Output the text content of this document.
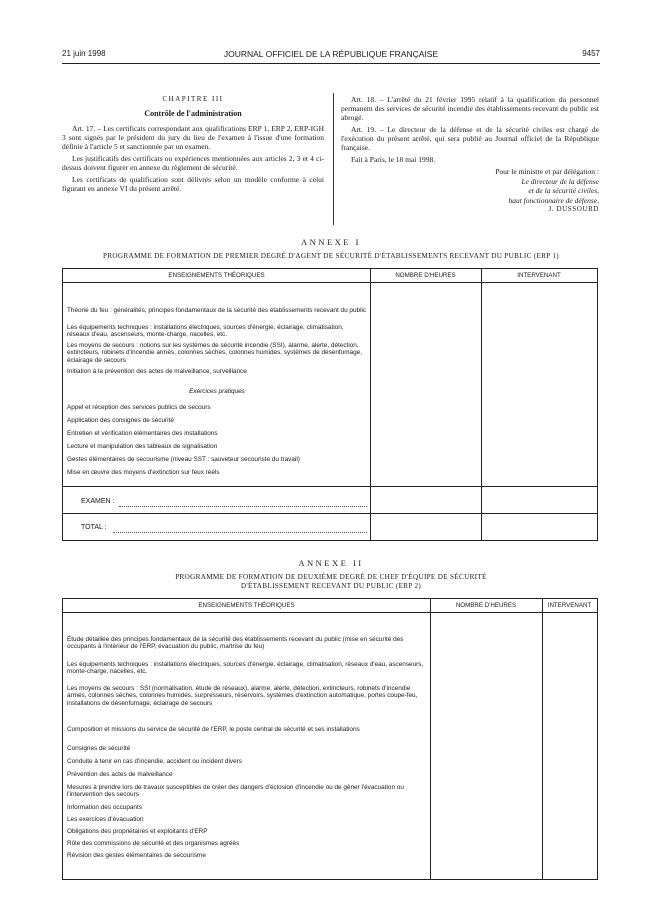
21 juin 1998	JOURNAL OFFICIEL DE LA RÉPUBLIQUE FRANÇAISE	9457

CHAPITRE III

Contrôle de l'administration

Art. 17. – Les certificats correspondant aux qualifications ERP 1, ERP 2, ERP-IGH 3 sont signés par le président du jury du lieu de l'examen à l'issue d'une formation définie à l'article 5 et sanctionnée par un examen.

Les justificatifs des certificats ou expériences mentionnées aux articles 2, 3 et 4 ci-dessus doivent figurer en annexe du règlement de sécurité.

Les certificats de qualification sont délivrés selon un modèle conforme à celui figurant en annexe VI du présent arrêté.

Art. 18. – L'arrêté du 21 février 1995 relatif à la qualification du personnel permanent des services de sécurité incendie des établissements recevant du public est abrogé.

Art. 19. – Le directeur de la défense et de la sécurité civiles est chargé de l'exécution du présent arrêté, qui sera publié au Journal officiel de la République française.

Fait à Paris, le 18 mai 1998.

Pour le ministre et par délégation :
Le directeur de la défense
et de la sécurité civiles,
haut fonctionnaire de défense,
J. DUSSOURD
ANNEXE I
PROGRAMME DE FORMATION DE PREMIER DEGRÉ D'AGENT DE SÉCURITÉ D'ÉTABLISSEMENTS RECEVANT DU PUBLIC (ERP 1)
ENSEIGNEMENTS THÉORIQUES	NOMBRE D'HEURES	INTERVENANT
Théorie du feu : généralités, principes fondamentaux de la sécurité des établissements recevant du public
Les équipements techniques : installations électriques, sources d'énergie, éclairage, climatisation, réseaux d'eau, ascenseurs, monte-charge, nacelles, etc.
Les moyens de secours : notions sur les systèmes de sécurité incendie (SSI), alarme, alerte, détection, extincteurs, robinets d'incendie armés, colonnes sèches, colonnes humides, systèmes de désenfumage, éclairage de secours
Initiation à la prévention des actes de malveillance, surveillance
Exercices pratiques
Appel et réception des services publics de secours
Application des consignes de sécurité
Entretien et vérification élémentaires des installations
Lecture et manipulation des tableaux de signalisation
Gestes élémentaires de secourisme (niveau SST : sauveteur secouriste du travail)
Mise en œuvre des moyens d'extinction sur feux réels
EXAMEN :
TOTAL :
ANNEXE II
PROGRAMME DE FORMATION DE DEUXIÈME DEGRÉ DE CHEF D'ÉQUIPE DE SÉCURITÉ
D'ÉTABLISSEMENT RECEVANT DU PUBLIC (ERP 2)
ENSEIGNEMENTS THÉORIQUES	NOMBRE D'HEURES	INTERVENANT
Étude détaillée des principes fondamentaux de la sécurité des établissements recevant du public (mise en sécurité des occupants à l'intérieur de l'ERP, évacuation du public, maîtrise du feu)
Les équipements techniques : installations électriques, sources d'énergie, éclairage, climatisation, réseaux d'eau, ascenseurs, monte-charge, nacelles, etc.
Les moyens de secours : SSI (normalisation, étude de réseaux), alarme, alerte, détection, extincteurs, robinets d'incendie armés, colonnes sèches, colonnes humides, surpresseurs, réservoirs, systèmes d'extinction automatique, portes coupe-feu, installations de désenfumage, éclairage de secours
Composition et missions du service de sécurité de l'ERP, le poste central de sécurité et ses installations
Consignes de sécurité
Conduite à tenir en cas d'incendie, accident ou incident divers
Prévention des actes de malveillance
Mesures à prendre lors de travaux susceptibles de créer des dangers d'éclosion d'incendie ou de gêner l'évacuation ou l'intervention des secours
Information des occupants
Les exercices d'évacuation
Obligations des propriétaires et exploitants d'ERP
Rôle des commissions de sécurité et des organismes agréés
Révision des gestes élémentaires de secourisme
